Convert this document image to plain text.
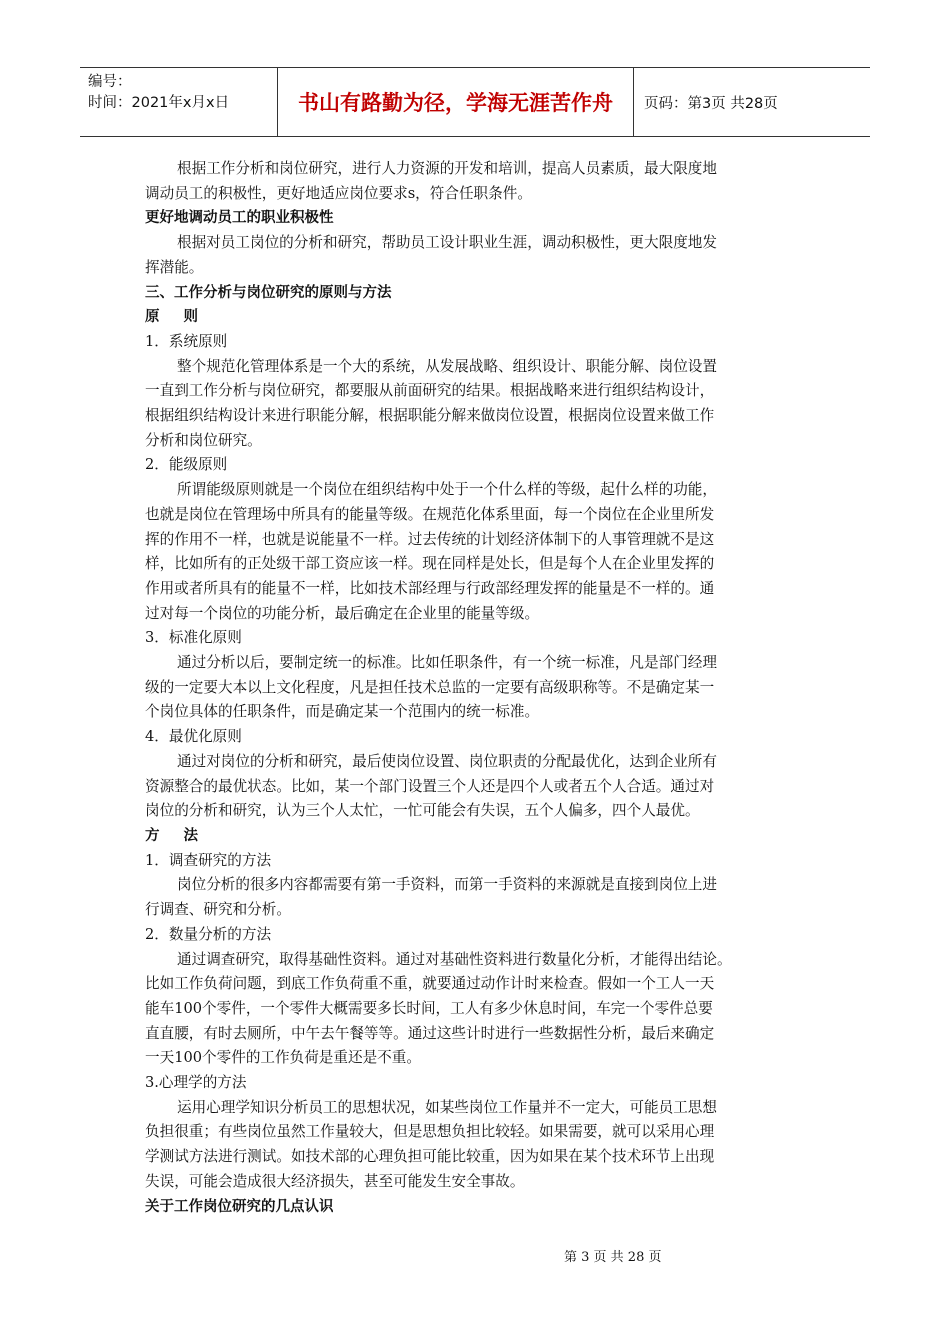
编号：
时间：2021年x月x日	书山有路勤为径，学海无涯苦作舟	页码：第3页 共28页

根据工作分析和岗位研究，进行人力资源的开发和培训，提高人员素质，最大限度地

调动员工的积极性，更好地适应岗位要求s，符合任职条件。

更好地调动员工的职业积极性

根据对员工岗位的分析和研究，帮助员工设计职业生涯，调动积极性，更大限度地发

挥潜能。

三、工作分析与岗位研究的原则与方法

原则

1．系统原则

整个规范化管理体系是一个大的系统，从发展战略、组织设计、职能分解、岗位设置

一直到工作分析与岗位研究，都要服从前面研究的结果。根据战略来进行组织结构设计，

根据组织结构设计来进行职能分解，根据职能分解来做岗位设置，根据岗位设置来做工作

分析和岗位研究。

2．能级原则

所谓能级原则就是一个岗位在组织结构中处于一个什么样的等级，起什么样的功能，

也就是岗位在管理场中所具有的能量等级。在规范化体系里面，每一个岗位在企业里所发

挥的作用不一样，也就是说能量不一样。过去传统的计划经济体制下的人事管理就不是这

样，比如所有的正处级干部工资应该一样。现在同样是处长，但是每个人在企业里发挥的

作用或者所具有的能量不一样，比如技术部经理与行政部经理发挥的能量是不一样的。通

过对每一个岗位的功能分析，最后确定在企业里的能量等级。

3．标准化原则

通过分析以后，要制定统一的标准。比如任职条件，有一个统一标准，凡是部门经理

级的一定要大本以上文化程度，凡是担任技术总监的一定要有高级职称等。不是确定某一

个岗位具体的任职条件，而是确定某一个范围内的统一标准。

4．最优化原则

通过对岗位的分析和研究，最后使岗位设置、岗位职责的分配最优化，达到企业所有

资源整合的最优状态。比如，某一个部门设置三个人还是四个人或者五个人合适。通过对

岗位的分析和研究，认为三个人太忙，一忙可能会有失误，五个人偏多，四个人最优。

方法

1．调查研究的方法

岗位分析的很多内容都需要有第一手资料，而第一手资料的来源就是直接到岗位上进

行调查、研究和分析。

2．数量分析的方法

通过调查研究，取得基础性资料。通过对基础性资料进行数量化分析，才能得出结论。

比如工作负荷问题，到底工作负荷重不重，就要通过动作计时来检查。假如一个工人一天

能车100个零件，一个零件大概需要多长时间，工人有多少休息时间，车完一个零件总要

直直腰，有时去厕所，中午去午餐等等。通过这些计时进行一些数据性分析，最后来确定

一天100个零件的工作负荷是重还是不重。

3.心理学的方法

运用心理学知识分析员工的思想状况，如某些岗位工作量并不一定大，可能员工思想

负担很重；有些岗位虽然工作量较大，但是思想负担比较轻。如果需要，就可以采用心理

学测试方法进行测试。如技术部的心理负担可能比较重，因为如果在某个技术环节上出现

失误，可能会造成很大经济损失，甚至可能发生安全事故。

关于工作岗位研究的几点认识

第 3 页 共 28 页
